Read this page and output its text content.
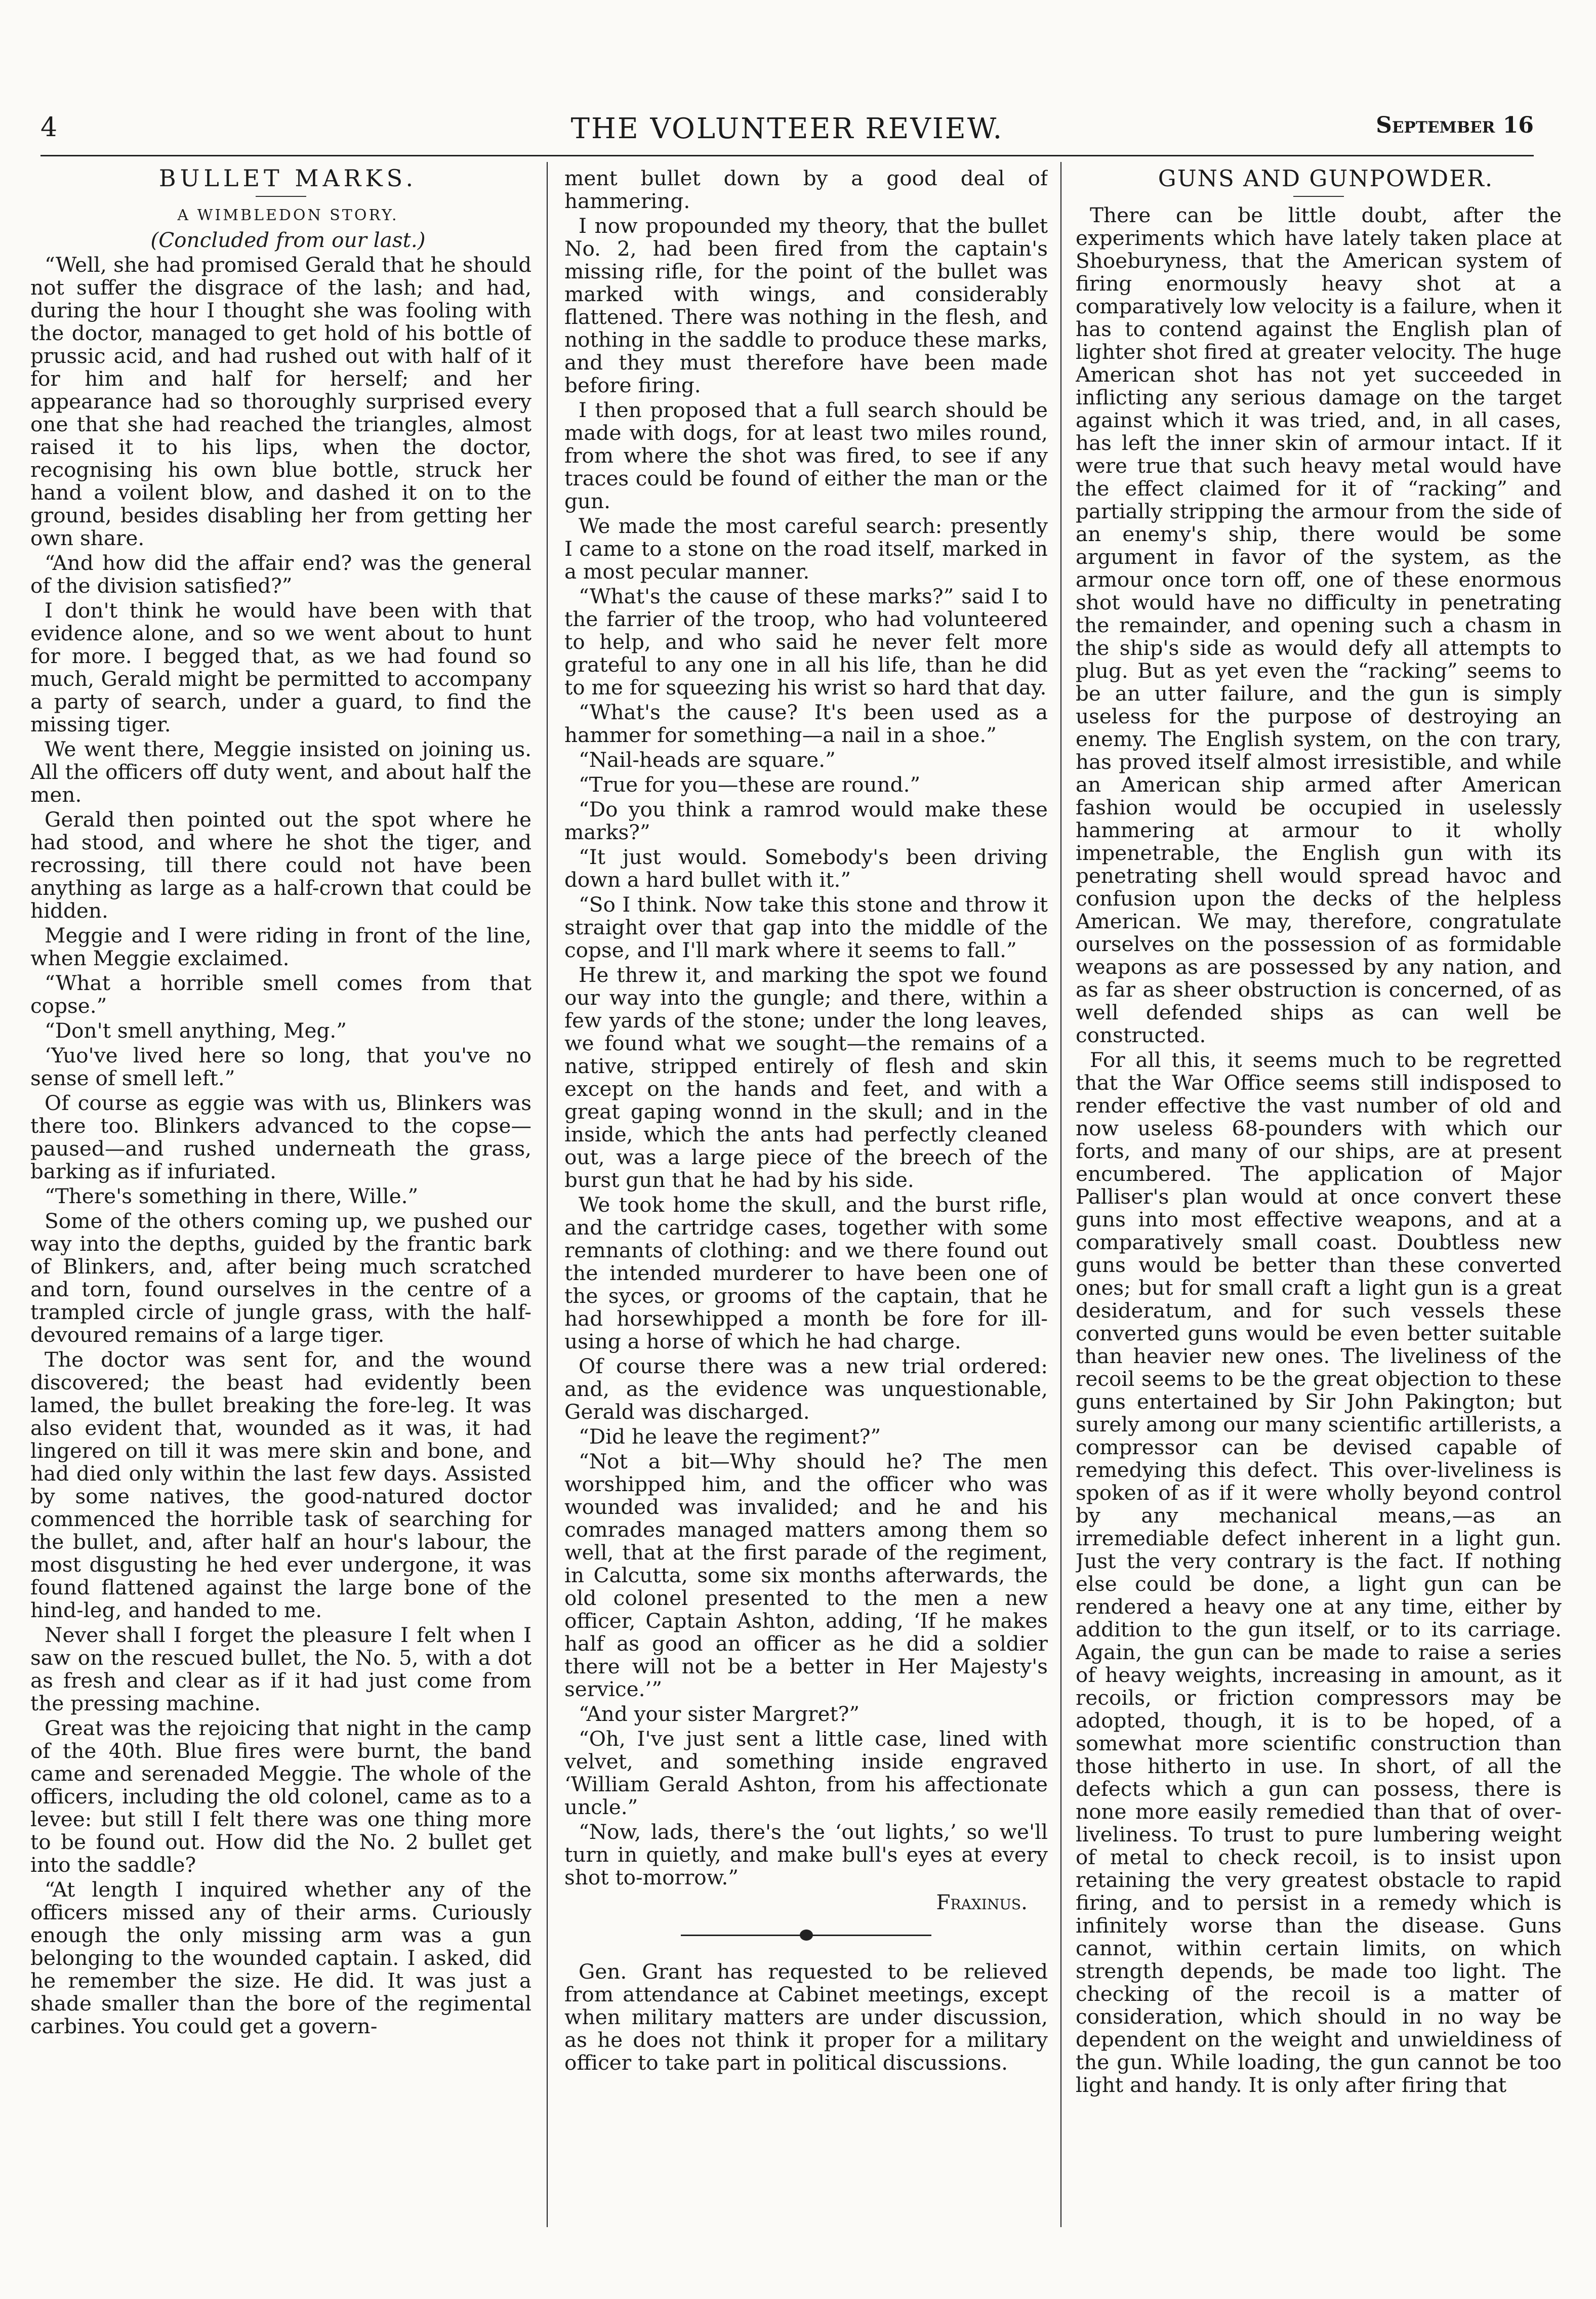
4	THE VOLUNTEER REVIEW.	September 16

BULLET MARKS.

A WIMBLEDON STORY.

(Concluded from our last.)

“Well, she had promised Gerald that he should not suffer the disgrace of the lash; and had, during the hour I thought she was fooling with the doctor, managed to get hold of his bottle of prussic acid, and had rushed out with half of it for him and half for herself; and her appearance had so thoroughly surprised every one that she had reached the triangles, almost raised it to his lips, when the doctor, recognising his own blue bottle, struck her hand a voilent blow, and dashed it on to the ground, besides disabling her from getting her own share.

“And how did the affair end? was the general of the division satisfied?”

I don't think he would have been with that evidence alone, and so we went about to hunt for more. I begged that, as we had found so much, Gerald might be permitted to accompany a party of search, under a guard, to find the missing tiger.

We went there, Meggie insisted on joining us. All the officers off duty went, and about half the men.

Gerald then pointed out the spot where he had stood, and where he shot the tiger, and recrossing, till there could not have been anything as large as a half-crown that could be hidden.

Meggie and I were riding in front of the line, when Meggie exclaimed.

“What a horrible smell comes from that copse.”

“Don't smell anything, Meg.”

‘Yuo've lived here so long, that you've no sense of smell left.”

Of course as eggie was with us, Blinkers was there too. Blinkers advanced to the copse—paused—and rushed underneath the grass, barking as if infuriated.

“There's something in there, Wille.”

Some of the others coming up, we pushed our way into the depths, guided by the frantic bark of Blinkers, and, after being much scratched and torn, found ourselves in the centre of a trampled circle of jungle grass, with the half-devoured remains of a large tiger.

The doctor was sent for, and the wound discovered; the beast had evidently been lamed, the bullet breaking the fore-leg. It was also evident that, wounded as it was, it had lingered on till it was mere skin and bone, and had died only within the last few days. Assisted by some natives, the good-natured doctor commenced the horrible task of searching for the bullet, and, after half an hour's labour, the most disgusting he hed ever undergone, it was found flattened against the large bone of the hind-leg, and handed to me.

Never shall I forget the pleasure I felt when I saw on the rescued bullet, the No. 5, with a dot as fresh and clear as if it had just come from the pressing machine.

Great was the rejoicing that night in the camp of the 40th. Blue fires were burnt, the band came and serenaded Meggie. The whole of the officers, including the old colonel, came as to a levee: but still I felt there was one thing more to be found out. How did the No. 2 bullet get into the saddle?

“At length I inquired whether any of the officers missed any of their arms. Curiously enough the only missing arm was a gun belonging to the wounded captain. I asked, did he remember the size. He did. It was just a shade smaller than the bore of the regimental carbines. You could get a govern-

ment bullet down by a good deal of hammering.

I now propounded my theory, that the bullet No. 2, had been fired from the captain's missing rifle, for the point of the bullet was marked with wings, and considerably flattened. There was nothing in the flesh, and nothing in the saddle to produce these marks, and they must therefore have been made before firing.

I then proposed that a full search should be made with dogs, for at least two miles round, from where the shot was fired, to see if any traces could be found of either the man or the gun.

We made the most careful search: presently I came to a stone on the road itself, marked in a most pecular manner.

“What's the cause of these marks?” said I to the farrier of the troop, who had volunteered to help, and who said he never felt more grateful to any one in all his life, than he did to me for squeezing his wrist so hard that day.

“What's the cause? It's been used as a hammer for something—a nail in a shoe.”

“Nail-heads are square.”

“True for you—these are round.”

“Do you think a ramrod would make these marks?”

“It just would. Somebody's been driving down a hard bullet with it.”

“So I think. Now take this stone and throw it straight over that gap into the middle of the copse, and I'll mark where it seems to fall.”

He threw it, and marking the spot we found our way into the gungle; and there, within a few yards of the stone; under the long leaves, we found what we sought—the remains of a native, stripped entirely of flesh and skin except on the hands and feet, and with a great gaping wonnd in the skull; and in the inside, which the ants had perfectly cleaned out, was a large piece of the breech of the burst gun that he had by his side.

We took home the skull, and the burst rifle, and the cartridge cases, together with some remnants of clothing: and we there found out the intended murderer to have been one of the syces, or grooms of the captain, that he had horsewhipped a month be fore for ill-using a horse of which he had charge.

Of course there was a new trial ordered: and, as the evidence was unquestionable, Gerald was discharged.

“Did he leave the regiment?”

“Not a bit—Why should he? The men worshipped him, and the officer who was wounded was invalided; and he and his comrades managed matters among them so well, that at the first parade of the regiment, in Calcutta, some six months afterwards, the old colonel presented to the men a new officer, Captain Ashton, adding, ‘If he makes half as good an officer as he did a soldier there will not be a better in Her Majesty's service.’”

“And your sister Margret?”

“Oh, I've just sent a little case, lined with velvet, and something inside engraved ‘William Gerald Ashton, from his affectionate uncle.”

“Now, lads, there's the ‘out lights,’ so we'll turn in quietly, and make bull's eyes at every shot to-morrow.”

Fraxinus.

Gen. Grant has requested to be relieved from attendance at Cabinet meetings, except when military matters are under discussion, as he does not think it proper for a military officer to take part in political discussions.

GUNS AND GUNPOWDER.

There can be little doubt, after the experiments which have lately taken place at Shoeburyness, that the American system of firing enormously heavy shot at a comparatively low velocity is a failure, when it has to contend against the English plan of lighter shot fired at greater velocity. The huge American shot has not yet succeeded in inflicting any serious damage on the target against which it was tried, and, in all cases, has left the inner skin of armour intact. If it were true that such heavy metal would have the effect claimed for it of “racking” and partially stripping the armour from the side of an enemy's ship, there would be some argument in favor of the system, as the armour once torn off, one of these enormous shot would have no difficulty in penetrating the remainder, and opening such a chasm in the ship's side as would defy all attempts to plug. But as yet even the “racking” seems to be an utter failure, and the gun is simply useless for the purpose of destroying an enemy. The English system, on the con trary, has proved itself almost irresistible, and while an American ship armed after American fashion would be occupied in uselessly hammering at armour to it wholly impenetrable, the English gun with its penetrating shell would spread havoc and confusion upon the decks of the helpless American. We may, therefore, congratulate ourselves on the possession of as formidable weapons as are possessed by any nation, and as far as sheer obstruction is concerned, of as well defended ships as can well be constructed.

For all this, it seems much to be regretted that the War Office seems still indisposed to render effective the vast number of old and now useless 68-pounders with which our forts, and many of our ships, are at present encumbered. The application of Major Palliser's plan would at once convert these guns into most effective weapons, and at a comparatively small coast. Doubtless new guns would be better than these converted ones; but for small craft a light gun is a great desideratum, and for such vessels these converted guns would be even better suitable than heavier new ones. The liveliness of the recoil seems to be the great objection to these guns entertained by Sir John Pakington; but surely among our many scientific artillerists, a compressor can be devised capable of remedying this defect. This over-liveliness is spoken of as if it were wholly beyond control by any mechanical means,—as an irremediable defect inherent in a light gun. Just the very contrary is the fact. If nothing else could be done, a light gun can be rendered a heavy one at any time, either by addition to the gun itself, or to its carriage. Again, the gun can be made to raise a series of heavy weights, increasing in amount, as it recoils, or friction compressors may be adopted, though, it is to be hoped, of a somewhat more scientific construction than those hitherto in use. In short, of all the defects which a gun can possess, there is none more easily remedied than that of over-liveliness. To trust to pure lumbering weight of metal to check recoil, is to insist upon retaining the very greatest obstacle to rapid firing, and to persist in a remedy which is infinitely worse than the disease. Guns cannot, within certain limits, on which strength depends, be made too light. The checking of the recoil is a matter of consideration, which should in no way be dependent on the weight and unwieldiness of the gun. While loading, the gun cannot be too light and handy. It is only after firing that
